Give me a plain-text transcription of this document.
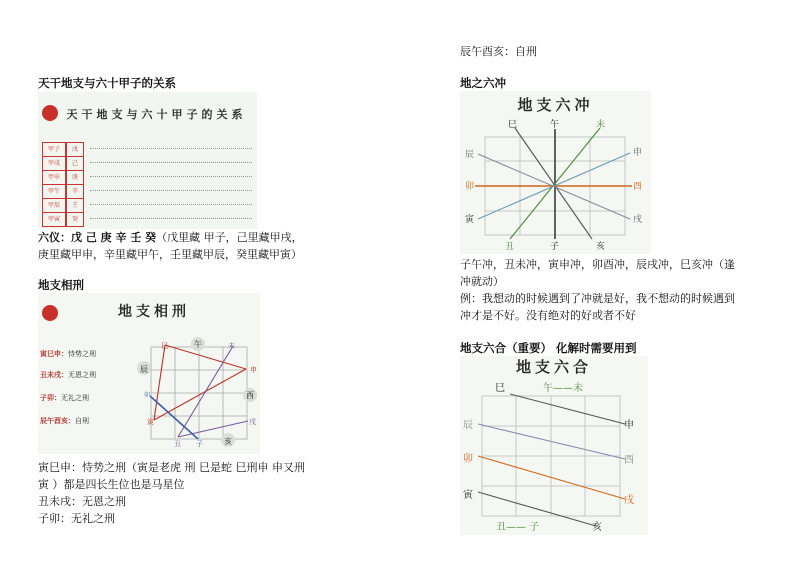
天干地支与六十甲子的关系
天干地支与六十甲子的关系
甲子	戊
甲戌	己
甲申	庚
甲午	辛
甲辰	壬
甲寅	癸
六仪：戊 己 庚 辛 壬 癸（戊里藏 甲子，己里藏甲戌，
庚里藏甲申，辛里藏甲午，壬里藏甲辰，癸里藏甲寅）
地支相刑
地支相刑
寅巳申：恃势之刑
丑未戌：无恩之刑
子卯：无礼之刑
辰午酉亥：自刑
巳	午	未
辰	申
卯	酉
寅	戌
丑 子	亥
寅巳申：恃势之刑（寅是老虎 刑 巳是蛇 巳刑申 申又刑
寅 ）都是四长生位也是马星位
丑未戌：无恩之刑
子卯：无礼之刑
辰午酉亥：自刑
地之六冲
地支六冲
巳	午	未
辰	申
卯	酉
寅	戌
丑	子	亥
子午冲，丑未冲，寅申冲，卯酉冲，辰戌冲，巳亥冲（逢
冲就动）
例：我想动的时候遇到了冲就是好，我不想动的时候遇到
冲才是不好。没有绝对的好或者不好
地支六合（重要） 化解时需要用到
地支六合
巳	午——未
申
辰
酉
卯
戌
寅
丑—— 子	亥
